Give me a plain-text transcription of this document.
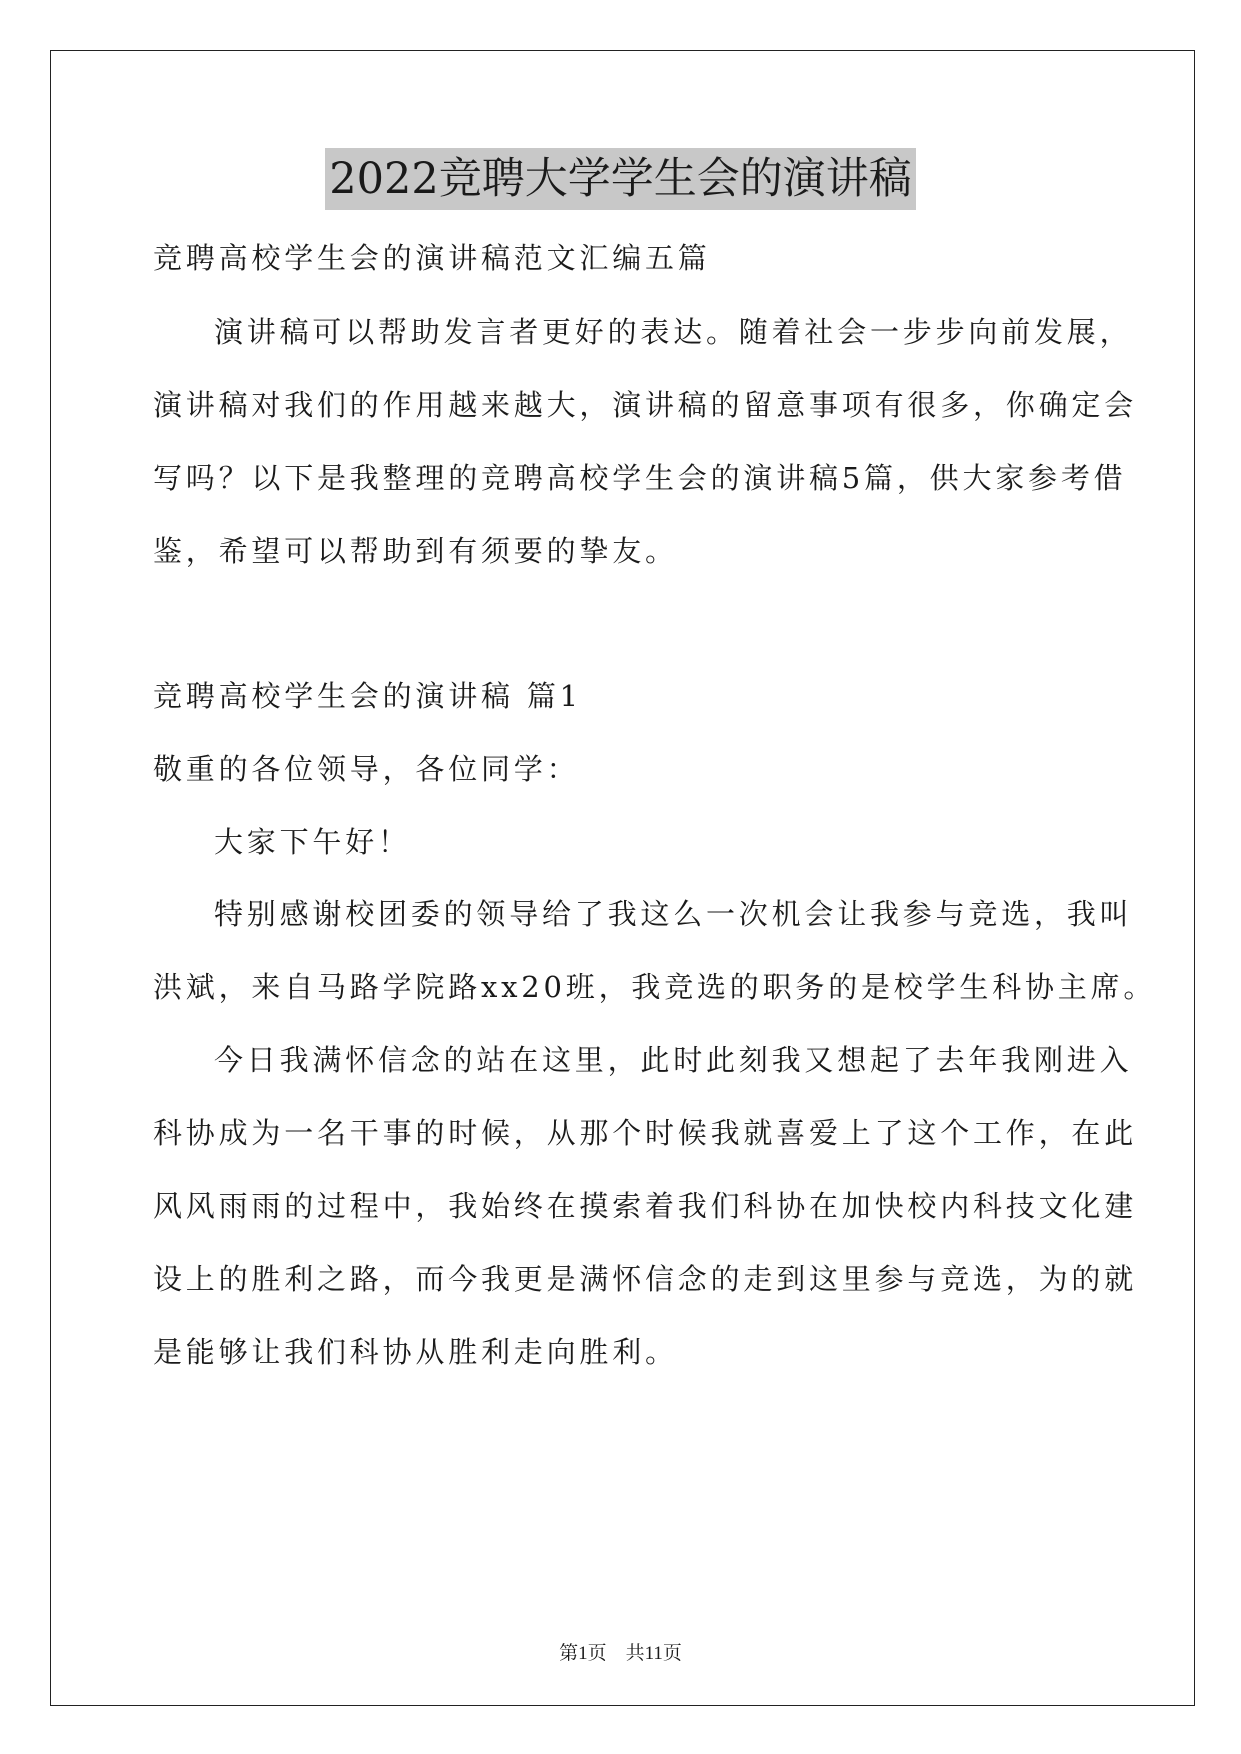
2022竞聘大学学生会的演讲稿
竞聘高校学生会的演讲稿范文汇编五篇
演讲稿可以帮助发言者更好的表达。随着社会一步步向前发展，
演讲稿对我们的作用越来越大，演讲稿的留意事项有很多，你确定会
写吗？以下是我整理的竞聘高校学生会的演讲稿5篇，供大家参考借
鉴，希望可以帮助到有须要的挚友。
竞聘高校学生会的演讲稿 篇1
敬重的各位领导，各位同学：
大家下午好！
特别感谢校团委的领导给了我这么一次机会让我参与竞选，我叫
洪斌，来自马路学院路xx20班，我竞选的职务的是校学生科协主席。
今日我满怀信念的站在这里，此时此刻我又想起了去年我刚进入
科协成为一名干事的时候，从那个时候我就喜爱上了这个工作，在此
风风雨雨的过程中，我始终在摸索着我们科协在加快校内科技文化建
设上的胜利之路，而今我更是满怀信念的走到这里参与竞选，为的就
是能够让我们科协从胜利走向胜利。
第1页 共11页
